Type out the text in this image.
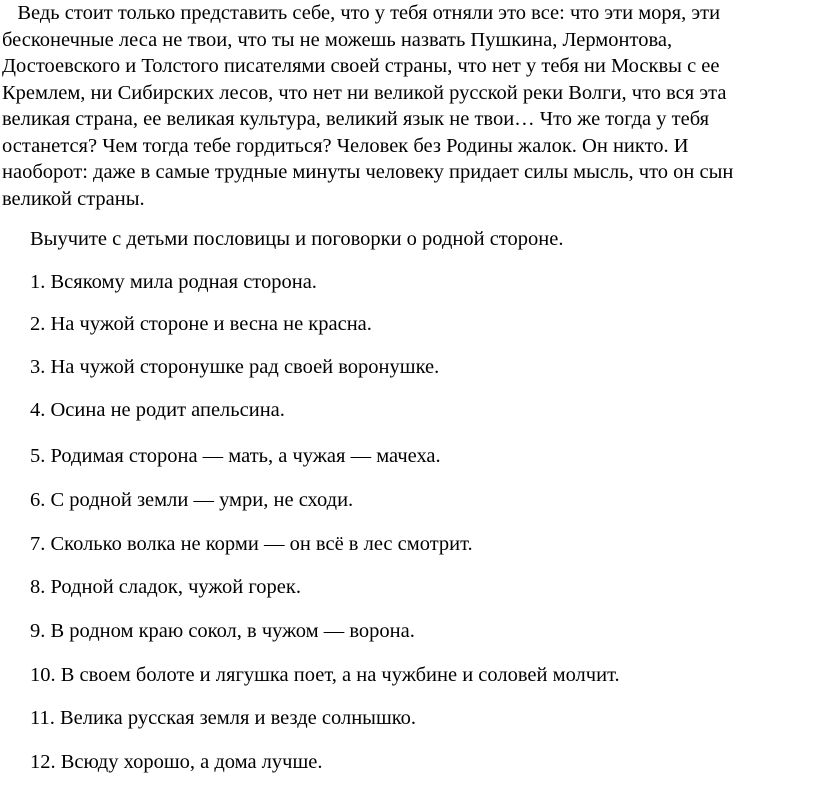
Ведь стоит только представить себе, что у тебя отняли это все: что эти моря, эти
бесконечные леса не твои, что ты не можешь назвать Пушкина, Лермонтова,
Достоевского и Толстого писателями своей страны, что нет у тебя ни Москвы с ее
Кремлем, ни Сибирских лесов, что нет ни великой русской реки Волги, что вся эта
великая страна, ее великая культура, великий язык не твои… Что же тогда у тебя
останется? Чем тогда тебе гордиться? Человек без Родины жалок. Он никто. И
наоборот: даже в самые трудные минуты человеку придает силы мысль, что он сын
великой страны.

Выучите с детьми пословицы и поговорки о родной стороне.

1. Всякому мила родная сторона.
2. На чужой стороне и весна не красна.
3. На чужой сторонушке рад своей воронушке.
4. Осина не родит апельсина.
5. Родимая сторона — мать, а чужая — мачеха.
6. С родной земли — умри, не сходи.
7. Сколько волка не корми — он всё в лес смотрит.
8. Родной сладок, чужой горек.
9. В родном краю сокол, в чужом — ворона.
10. В своем болоте и лягушка поет, а на чужбине и соловей молчит.
11. Велика русская земля и везде солнышко.
12. Всюду хорошо, а дома лучше.
